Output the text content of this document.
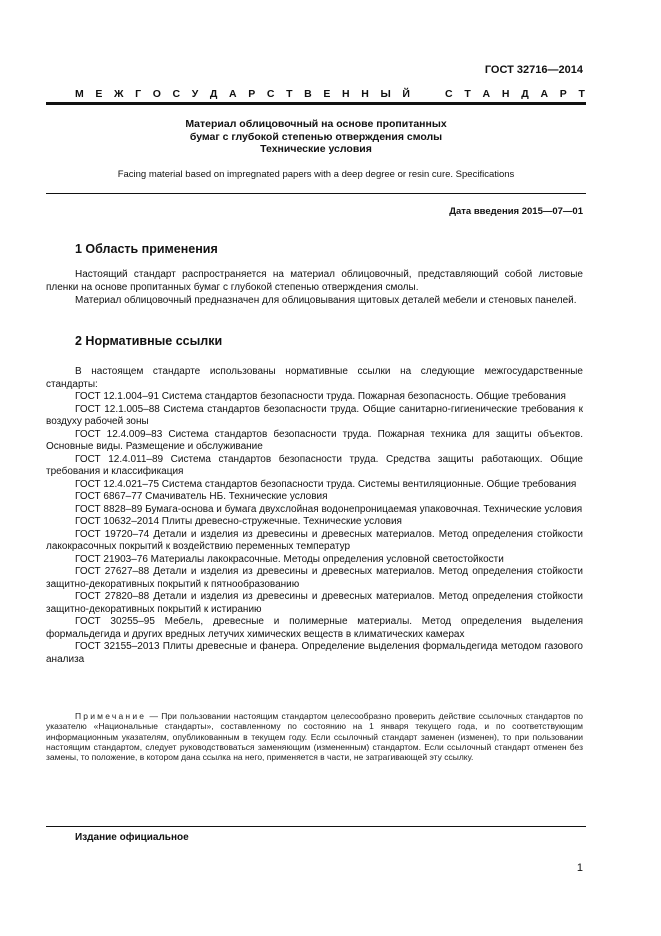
ГОСТ 32716—2014
М Е Ж Г О С У Д А Р С Т В Е Н Н Ы Й	С Т А Н Д А Р Т
Материал облицовочный на основе пропитанных
бумаг с глубокой степенью отверждения смолы
Технические условия
Facing material based on impregnated papers with a deep degree or resin cure. Specifications
Дата введения 2015—07—01
1 Область применения

Настоящий стандарт распространяется на материал облицовочный, представляющий собой листовые пленки на основе пропитанных бумаг с глубокой степенью отверждения смолы.

Материал облицовочный предназначен для облицовывания щитовых деталей мебели и стеновых панелей.

2 Нормативные ссылки

В настоящем стандарте использованы нормативные ссылки на следующие межгосударственные стандарты:

ГОСТ 12.1.004–91 Система стандартов безопасности труда. Пожарная безопасность. Общие требования

ГОСТ 12.1.005–88 Система стандартов безопасности труда. Общие санитарно-гигиенические требования к воздуху рабочей зоны

ГОСТ 12.4.009–83 Система стандартов безопасности труда. Пожарная техника для защиты объектов. Основные виды. Размещение и обслуживание

ГОСТ 12.4.011–89 Система стандартов безопасности труда. Средства защиты работающих. Общие требования и классификация

ГОСТ 12.4.021–75 Система стандартов безопасности труда. Системы вентиляционные. Общие требования

ГОСТ 6867–77 Смачиватель НБ. Технические условия

ГОСТ 8828–89 Бумага-основа и бумага двухслойная водонепроницаемая упаковочная. Технические условия

ГОСТ 10632–2014 Плиты древесно-стружечные. Технические условия

ГОСТ 19720–74 Детали и изделия из древесины и древесных материалов. Метод определения стойкости лакокрасочных покрытий к воздействию переменных температур

ГОСТ 21903–76 Материалы лакокрасочные. Методы определения условной светостойкости

ГОСТ 27627–88 Детали и изделия из древесины и древесных материалов. Метод определения стойкости защитно-декоративных покрытий к пятнообразованию

ГОСТ 27820–88 Детали и изделия из древесины и древесных материалов. Метод определения стойкости защитно-декоративных покрытий к истиранию

ГОСТ 30255–95 Мебель, древесные и полимерные материалы. Метод определения выделения формальдегида и других вредных летучих химических веществ в климатических камерах

ГОСТ 32155–2013 Плиты древесные и фанера. Определение выделения формальдегида методом газового анализа

Примечание — При пользовании настоящим стандартом целесообразно проверить действие ссылочных стандартов по указателю «Национальные стандарты», составленному по состоянию на 1 января текущего года, и по соответствующим информационным указателям, опубликованным в текущем году. Если ссылочный стандарт заменен (изменен), то при пользовании настоящим стандартом, следует руководствоваться заменяющим (измененным) стандартом. Если ссылочный стандарт отменен без замены, то положение, в котором дана ссылка на него, применяется в части, не затрагивающей эту ссылку.

Издание официальное
1
